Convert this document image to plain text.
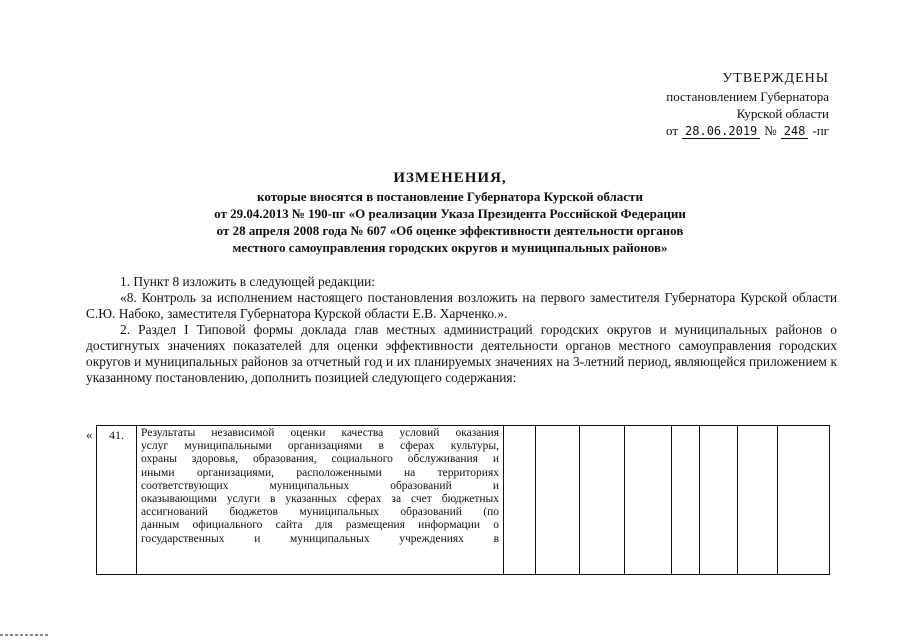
УТВЕРЖДЕНЫ
постановлением Губернатора
Курской области
от 28.06.2019 № 248 -пг
ИЗМЕНЕНИЯ,
которые вносятся в постановление Губернатора Курской области
от 29.04.2013 № 190-пг «О реализации Указа Президента Российской Федерации
от 28 апреля 2008 года № 607 «Об оценке эффективности деятельности органов
местного самоуправления городских округов и муниципальных районов»

1. Пункт 8 изложить в следующей редакции:

«8. Контроль за исполнением настоящего постановления возложить на первого заместителя Губернатора Курской области С.Ю. Набоко, заместителя Губернатора Курской области Е.В. Харченко.».

2. Раздел I Типовой формы доклада глав местных администраций городских округов и муниципальных районов о достигнутых значениях показателей для оценки эффективности деятельности органов местного самоуправления городских округов и муниципальных районов за отчетный год и их планируемых значениях на 3-летний период, являющейся приложением к указанному постановлению, дополнить позицией следующего содержания:

« 41.	Результаты независимой оценки качества условий оказания
услуг муниципальными организациями в сферах культуры,
охраны здоровья, образования, социального обслуживания и
иными организациями, расположенными на территориях
соответствующих муниципальных образований и
оказывающими услуги в указанных сферах за счет бюджетных
ассигнований бюджетов муниципальных образований (по
данным официального сайта для размещения информации о
государственных и муниципальных учреждениях в
